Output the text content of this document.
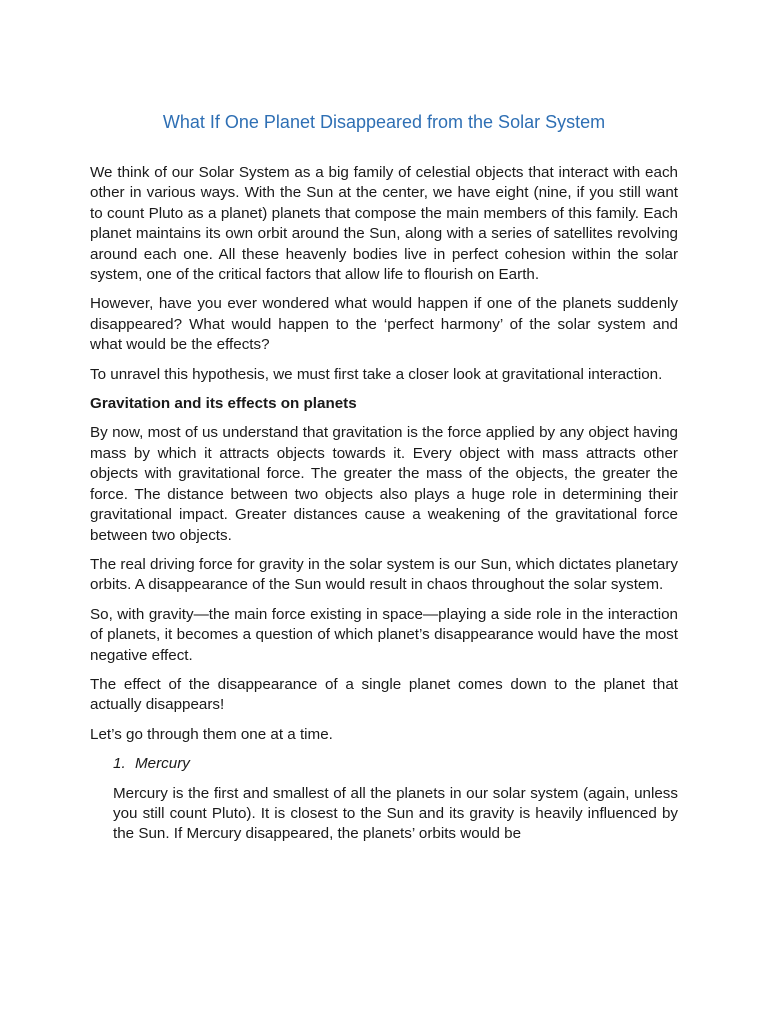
What If One Planet Disappeared from the Solar System

We think of our Solar System as a big family of celestial objects that interact with each other in various ways. With the Sun at the center, we have eight (nine, if you still want to count Pluto as a planet) planets that compose the main members of this family. Each planet maintains its own orbit around the Sun, along with a series of satellites revolving around each one. All these heavenly bodies live in perfect cohesion within the solar system, one of the critical factors that allow life to flourish on Earth.

However, have you ever wondered what would happen if one of the planets suddenly disappeared? What would happen to the ‘perfect harmony’ of the solar system and what would be the effects?

To unravel this hypothesis, we must first take a closer look at gravitational interaction.

Gravitation and its effects on planets

By now, most of us understand that gravitation is the force applied by any object having mass by which it attracts objects towards it. Every object with mass attracts other objects with gravitational force. The greater the mass of the objects, the greater the force. The distance between two objects also plays a huge role in determining their gravitational impact. Greater distances cause a weakening of the gravitational force between two objects.

The real driving force for gravity in the solar system is our Sun, which dictates planetary orbits. A disappearance of the Sun would result in chaos throughout the solar system.

So, with gravity—the main force existing in space—playing a side role in the interaction of planets, it becomes a question of which planet’s disappearance would have the most negative effect.

The effect of the disappearance of a single planet comes down to the planet that actually disappears!

Let’s go through them one at a time.

1. Mercury

Mercury is the first and smallest of all the planets in our solar system (again, unless you still count Pluto). It is closest to the Sun and its gravity is heavily influenced by the Sun. If Mercury disappeared, the planets’ orbits would be
